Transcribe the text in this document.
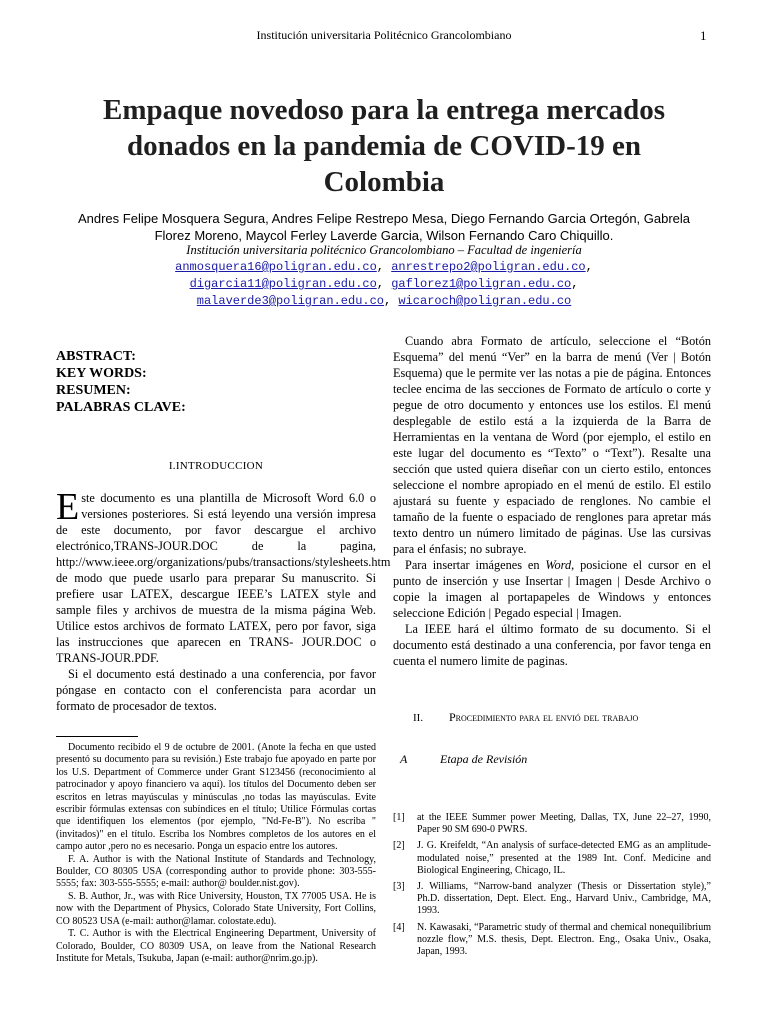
Institución universitaria Politécnico Grancolombiano	1
Empaque novedoso para la entrega mercados donados en la pandemia de COVID-19 en Colombia
Andres Felipe Mosquera Segura, Andres Felipe Restrepo Mesa, Diego Fernando Garcia Ortegón, Gabrela Florez Moreno, Maycol Ferley Laverde Garcia, Wilson Fernando Caro Chiquillo.
Institución universitaria politécnico Grancolombiano – Facultad de ingeniería
anmosquera16@poligran.edu.co, anrestrepo2@poligran.edu.co,
digarcia11@poligran.edu.co, gaflorez1@poligran.edu.co,
malaverde3@poligran.edu.co, wicaroch@poligran.edu.co
ABSTRACT:
KEY WORDS:
RESUMEN:
PALABRAS CLAVE:
I.INTRODUCCION
Este documento es una plantilla de Microsoft Word 6.0 o versiones posteriores. Si está leyendo una versión impresa de este documento, por favor descargue el archivo electrónico,TRANS-JOUR.DOC de la pagina, http://www.ieee.org/organizations/pubs/transactions/stylesheets.htm de modo que puede usarlo para preparar Su manuscrito. Si prefiere usar LATEX, descargue IEEE’s LATEX style and sample files y archivos de muestra de la misma página Web. Utilice estos archivos de formato LATEX, pero por favor, siga las instrucciones que aparecen en TRANS- JOUR.DOC o TRANS-JOUR.PDF.
Si el documento está destinado a una conferencia, por favor póngase en contacto con el conferencista para acordar un formato de procesador de textos.
Documento recibido el 9 de octubre de 2001. (Anote la fecha en que usted presentó su documento para su revisión.) Este trabajo fue apoyado en parte por los U.S. Department of Commerce under Grant S123456 (reconocimiento al patrocinador y apoyo financiero va aquí). los títulos del Documento deben ser escritos en letras mayúsculas y minúsculas ,no todas las mayúsculas. Evite escribir fórmulas extensas con subíndices en el título; Utilice Fórmulas cortas que identifiquen los elementos (por ejemplo, "Nd-Fe-B"). No escriba "(invitados)" en el título. Escriba los Nombres completos de los autores en el campo autor ,pero no es necesario. Ponga un espacio entre los autores.
F. A. Author is with the National Institute of Standards and Technology, Boulder, CO 80305 USA (corresponding author to provide phone: 303-555-5555; fax: 303-555-5555; e-mail: author@ boulder.nist.gov).
S. B. Author, Jr., was with Rice University, Houston, TX 77005 USA. He is now with the Department of Physics, Colorado State University, Fort Collins, CO 80523 USA (e-mail: author@lamar. colostate.edu).
T. C. Author is with the Electrical Engineering Department, University of Colorado, Boulder, CO 80309 USA, on leave from the National Research Institute for Metals, Tsukuba, Japan (e-mail: author@nrim.go.jp).
Cuando abra Formato de artículo, seleccione el “Botón Esquema” del menú “Ver” en la barra de menú (Ver | Botón Esquema) que le permite ver las notas a pie de página. Entonces teclee encima de las secciones de Formato de artículo o corte y pegue de otro documento y entonces use los estilos. El menú desplegable de estilo está a la izquierda de la Barra de Herramientas en la ventana de Word (por ejemplo, el estilo en este lugar del documento es “Texto” o “Text”). Resalte una sección que usted quiera diseñar con un cierto estilo, entonces seleccione el nombre apropiado en el menú de estilo. El estilo ajustará su fuente y espaciado de renglones. No cambie el tamaño de la fuente o espaciado de renglones para apretar más texto dentro un número limitado de páginas. Use las cursivas para el énfasis; no subraye.
Para insertar imágenes en Word, posicione el cursor en el punto de inserción y use Insertar | Imagen | Desde Archivo o copie la imagen al portapapeles de Windows y entonces seleccione Edición | Pegado especial | Imagen.
La IEEE hará el último formato de su documento. Si el documento está destinado a una conferencia, por favor tenga en cuenta el numero limite de paginas.
II. Procedimiento para el envió del trabajo
A	Etapa de Revisión
[1]	at the IEEE Summer power Meeting, Dallas, TX, June 22–27, 1990, Paper 90 SM 690-0 PWRS.
[2]	J. G. Kreifeldt, “An analysis of surface-detected EMG as an amplitude-modulated noise,” presented at the 1989 Int. Conf. Medicine and Biological Engineering, Chicago, IL.
[3]	J. Williams, “Narrow-band analyzer (Thesis or Dissertation style),” Ph.D. dissertation, Dept. Elect. Eng., Harvard Univ., Cambridge, MA, 1993.
[4]	N. Kawasaki, “Parametric study of thermal and chemical nonequilibrium nozzle flow,” M.S. thesis, Dept. Electron. Eng., Osaka Univ., Osaka, Japan, 1993.
